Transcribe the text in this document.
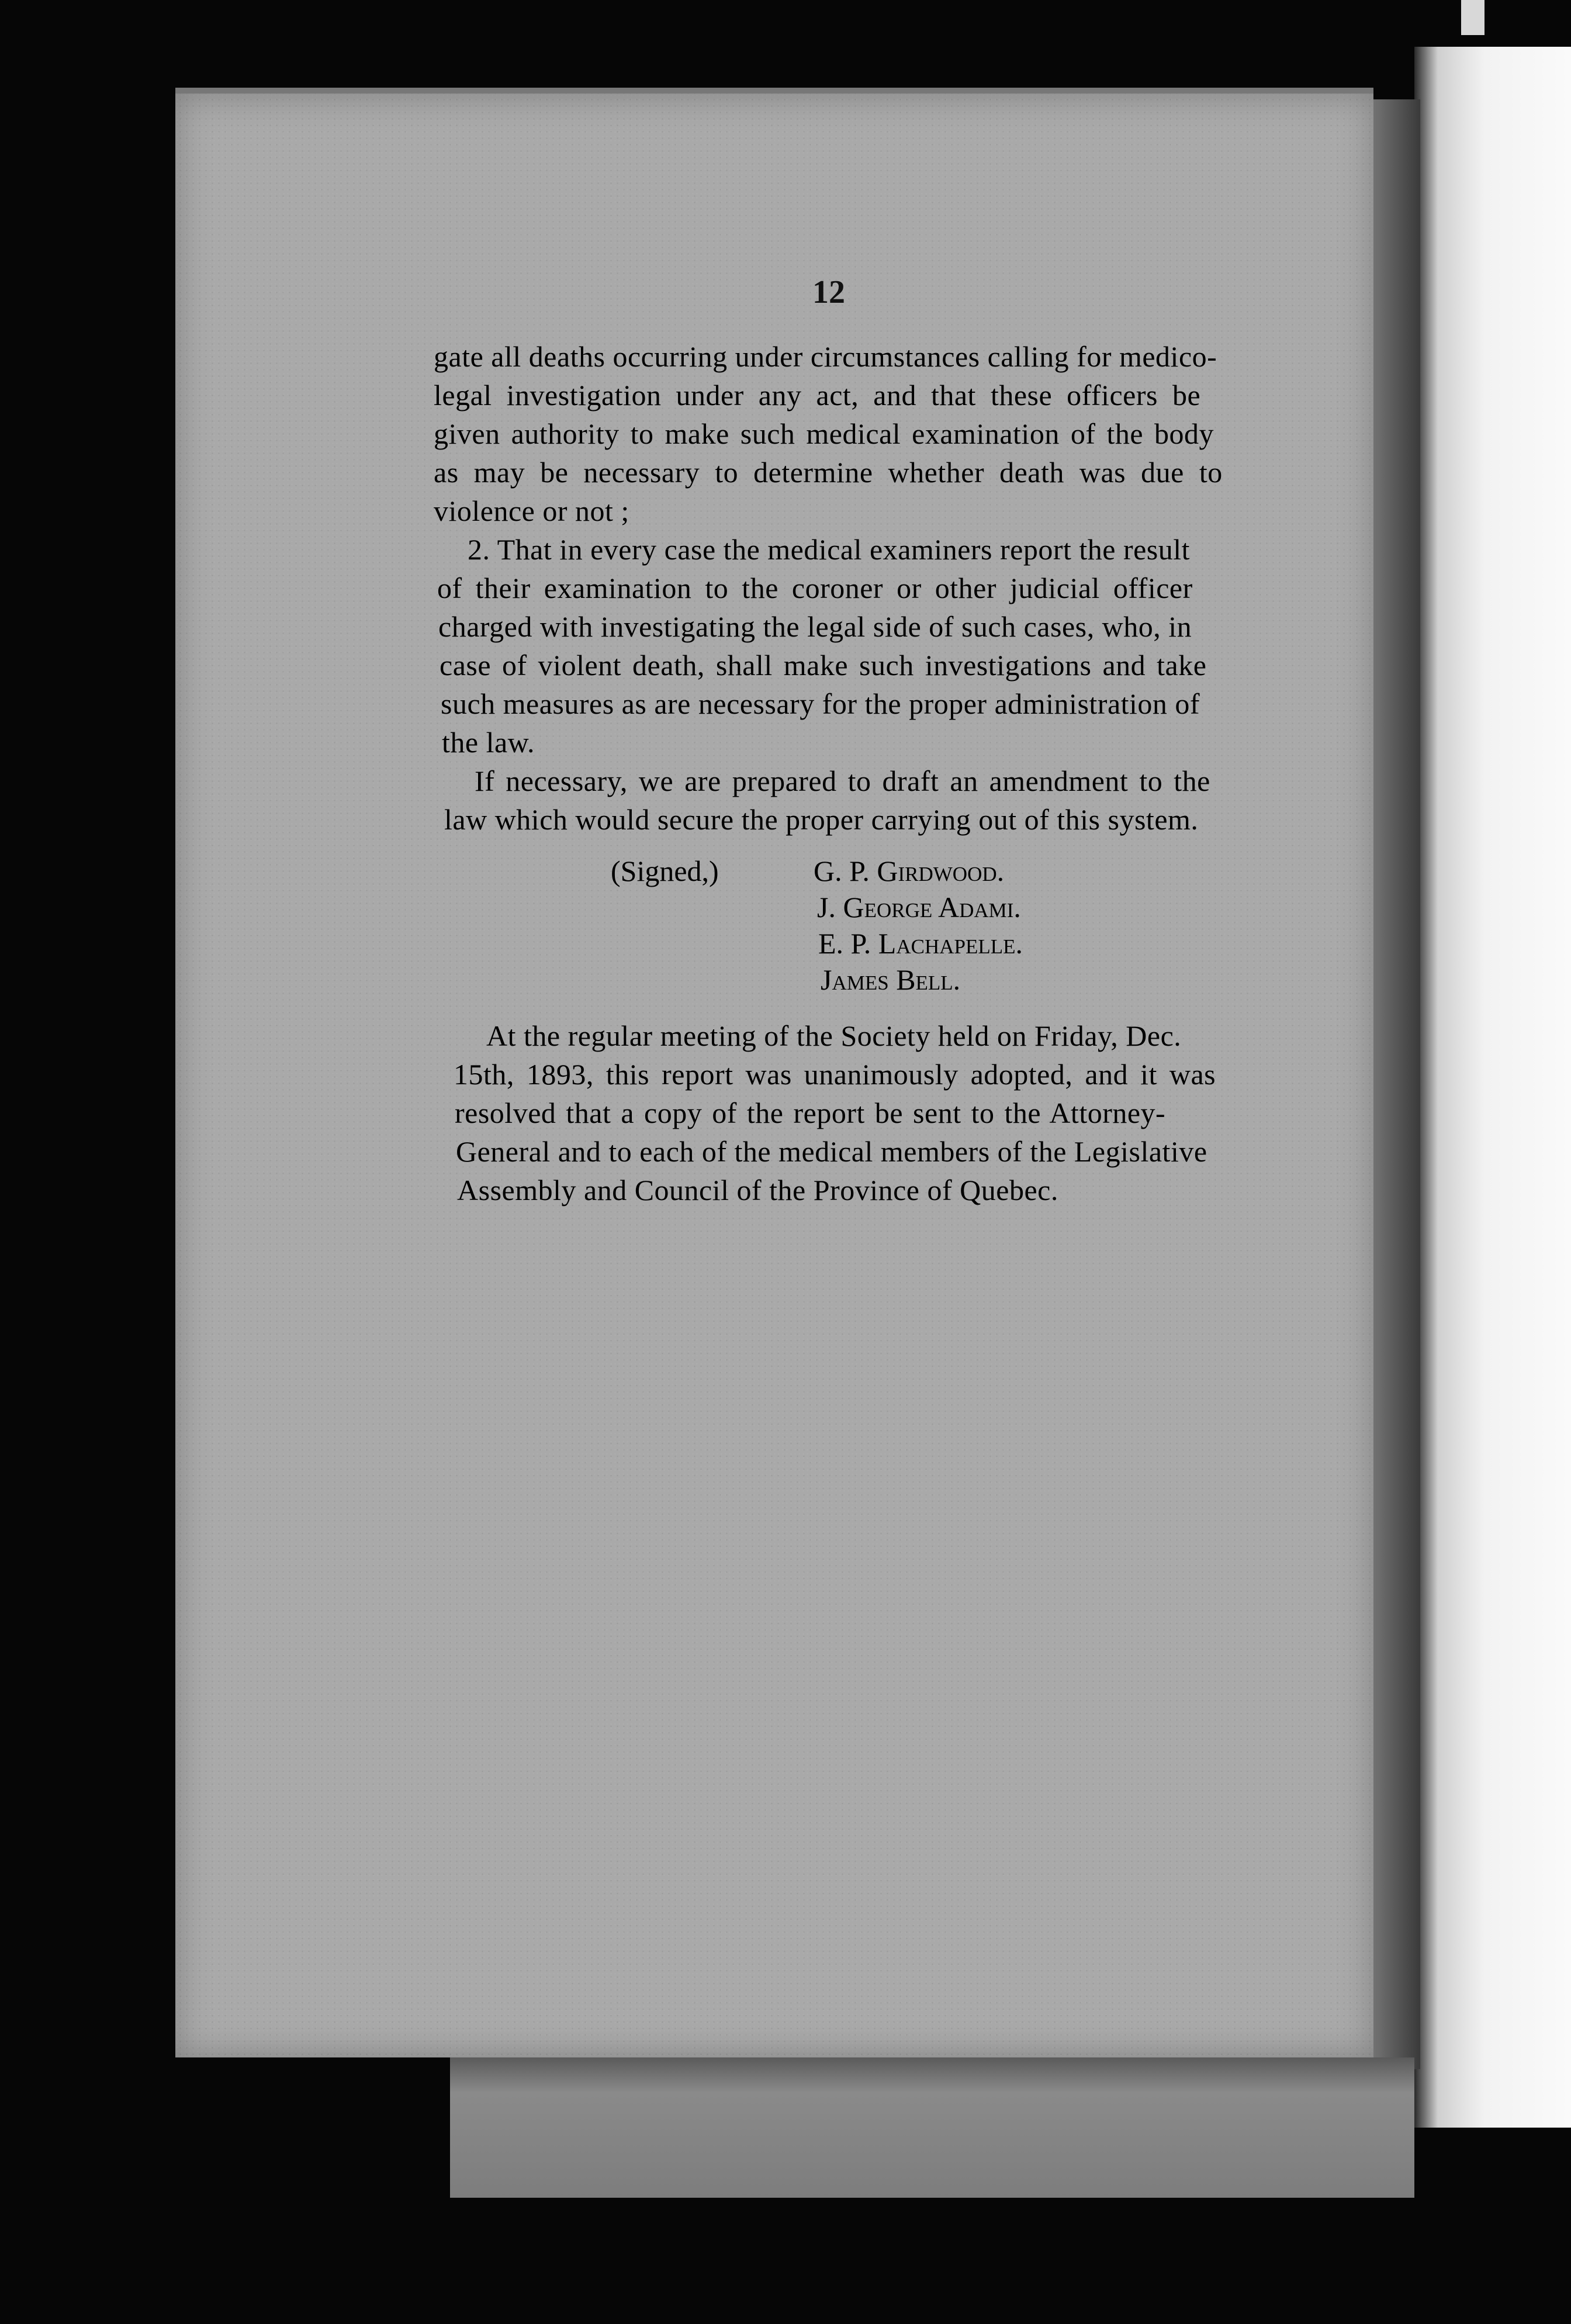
12
gate all deaths occurring under circumstances calling for medico-
legal investigation under any act, and that these officers be
given authority to make such medical examination of the body
as may be necessary to determine whether death was due to
violence or not ;
2. That in every case the medical examiners report the result
of their examination to the coroner or other judicial officer
charged with investigating the legal side of such cases, who, in
case of violent death, shall make such investigations and take
such measures as are necessary for the proper administration of
the law.
If necessary, we are prepared to draft an amendment to the
law which would secure the proper carrying out of this system.
(Signed,)	G. P. Girdwood.
J. George Adami.
E. P. Lachapelle.
James Bell.
At the regular meeting of the Society held on Friday, Dec.
15th, 1893, this report was unanimously adopted, and it was
resolved that a copy of the report be sent to the Attorney-
General and to each of the medical members of the Legislative
Assembly and Council of the Province of Quebec.
